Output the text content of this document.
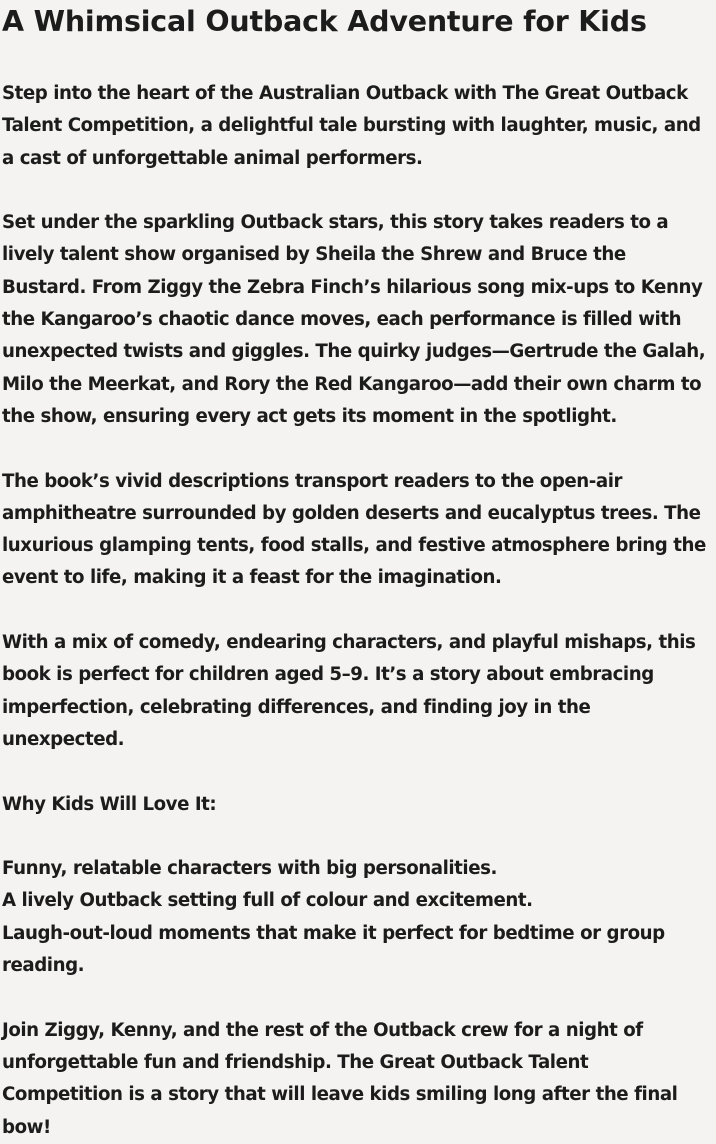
A Whimsical Outback Adventure for Kids

Step into the heart of the Australian Outback with The Great Outback Talent Competition, a delightful tale bursting with laughter, music, and a cast of unforgettable animal performers.

Set under the sparkling Outback stars, this story takes readers to a lively talent show organised by Sheila the Shrew and Bruce the Bustard. From Ziggy the Zebra Finch’s hilarious song mix-ups to Kenny the Kangaroo’s chaotic dance moves, each performance is filled with unexpected twists and giggles. The quirky judges—Gertrude the Galah, Milo the Meerkat, and Rory the Red Kangaroo—add their own charm to the show, ensuring every act gets its moment in the spotlight.

The book’s vivid descriptions transport readers to the open-air amphitheatre surrounded by golden deserts and eucalyptus trees. The luxurious glamping tents, food stalls, and festive atmosphere bring the event to life, making it a feast for the imagination.

With a mix of comedy, endearing characters, and playful mishaps, this book is perfect for children aged 5–9. It’s a story about embracing imperfection, celebrating differences, and finding joy in the unexpected.

Why Kids Will Love It:

Funny, relatable characters with big personalities.

A lively Outback setting full of colour and excitement.

Laugh-out-loud moments that make it perfect for bedtime or group reading.

Join Ziggy, Kenny, and the rest of the Outback crew for a night of unforgettable fun and friendship. The Great Outback Talent Competition is a story that will leave kids smiling long after the final bow!
